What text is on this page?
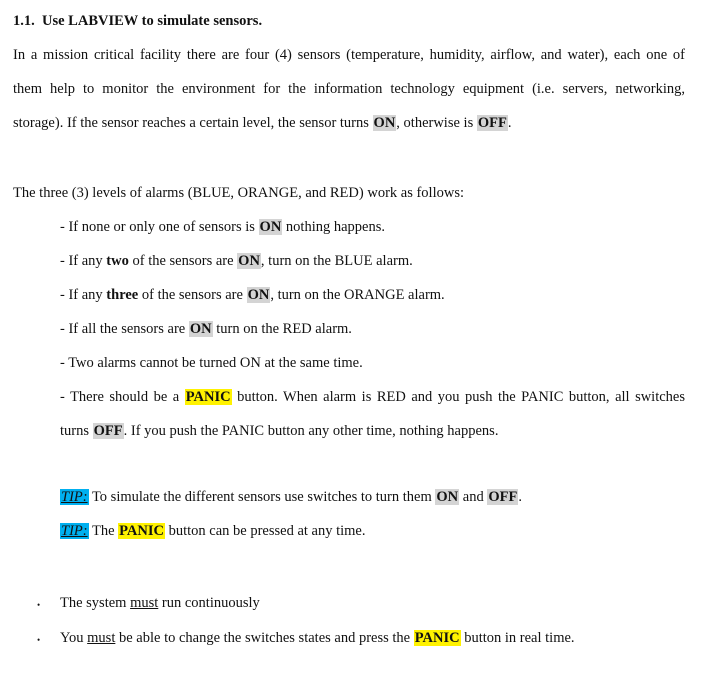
1.1. Use LABVIEW to simulate sensors.
In a mission critical facility there are four (4) sensors (temperature, humidity, airflow, and water), each one of
them help to monitor the environment for the information technology equipment (i.e. servers, networking,
storage). If the sensor reaches a certain level, the sensor turns ON, otherwise is OFF.
The three (3) levels of alarms (BLUE, ORANGE, and RED) work as follows:
- If none or only one of sensors is ON nothing happens.
- If any two of the sensors are ON, turn on the BLUE alarm.
- If any three of the sensors are ON, turn on the ORANGE alarm.
- If all the sensors are ON turn on the RED alarm.
- Two alarms cannot be turned ON at the same time.
- There should be a PANIC button. When alarm is RED and you push the PANIC button, all switches
turns OFF. If you push the PANIC button any other time, nothing happens.
TIP: To simulate the different sensors use switches to turn them ON and OFF.
TIP: The PANIC button can be pressed at any time.
• The system must run continuously
• You must be able to change the switches states and press the PANIC button in real time.
